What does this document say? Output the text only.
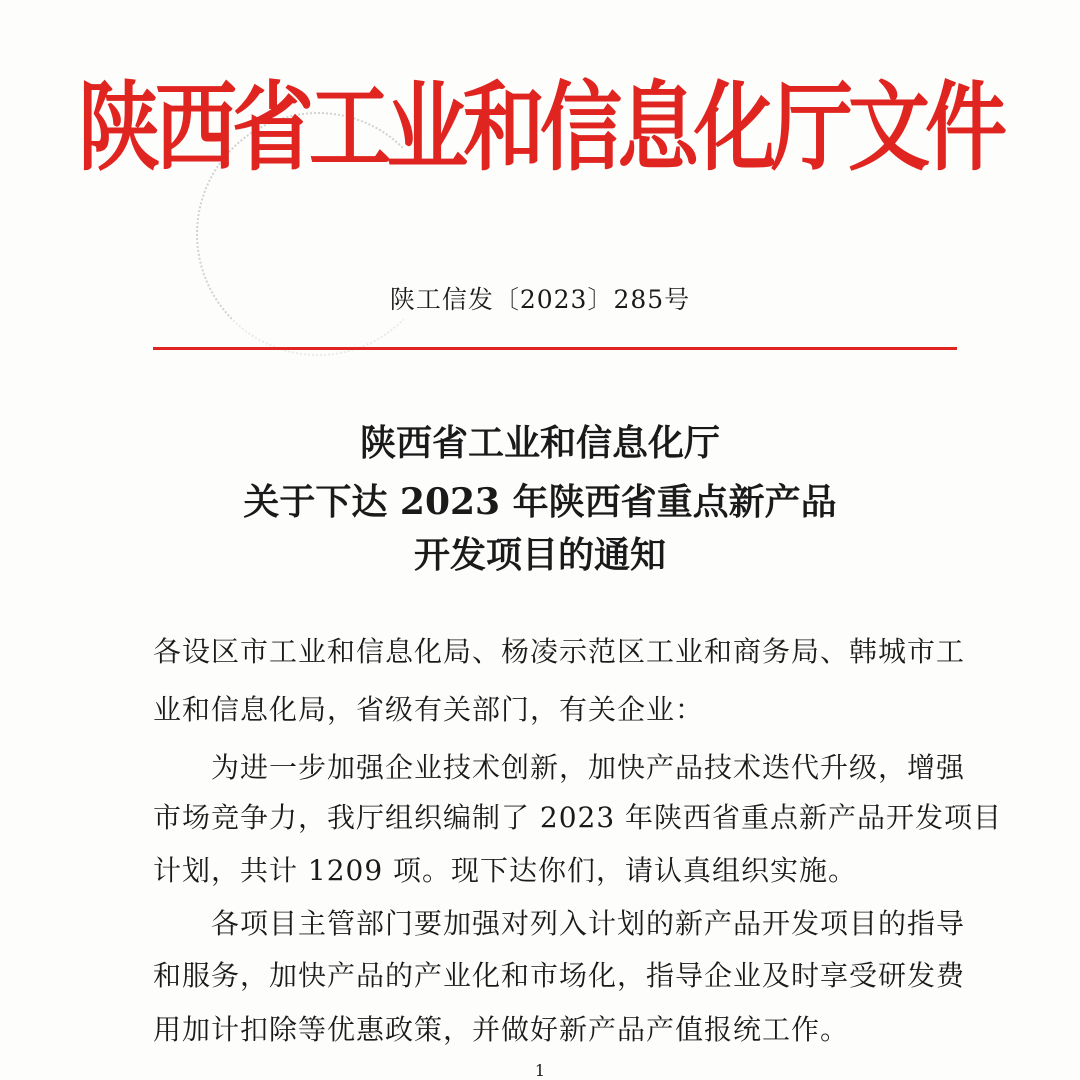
陕西省工业和信息化厅文件
陕工信发〔2023〕285号
陕西省工业和信息化厅
关于下达 2023 年陕西省重点新产品
开发项目的通知
各设区市工业和信息化局、杨凌示范区工业和商务局、韩城市工
业和信息化局，省级有关部门，有关企业：
为进一步加强企业技术创新，加快产品技术迭代升级，增强
市场竞争力，我厅组织编制了 2023 年陕西省重点新产品开发项目
计划，共计 1209 项。现下达你们，请认真组织实施。
各项目主管部门要加强对列入计划的新产品开发项目的指导
和服务，加快产品的产业化和市场化，指导企业及时享受研发费
用加计扣除等优惠政策，并做好新产品产值报统工作。
1
